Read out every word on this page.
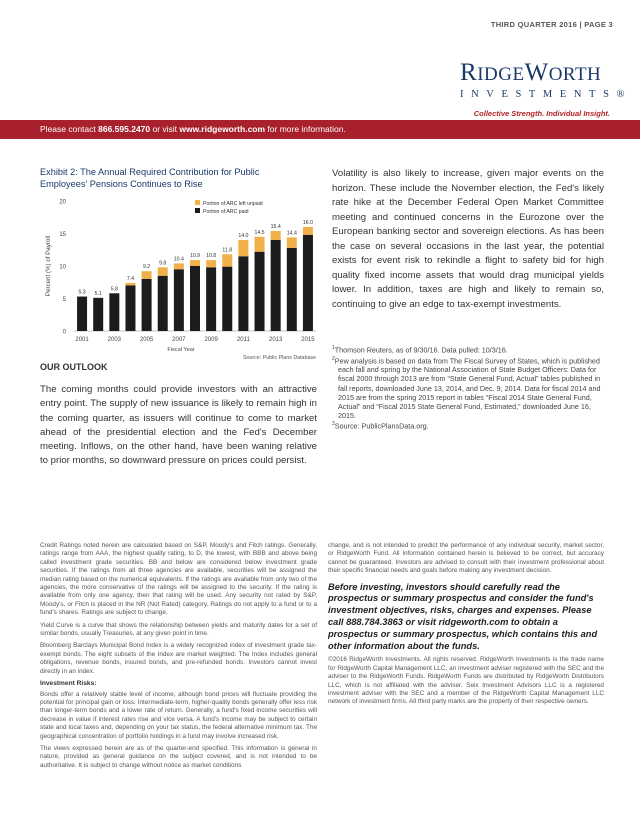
THIRD QUARTER 2016 | PAGE 3
RIDGEWORTH
INVESTMENTS®
Collective Strength. Individual Insight.
Please contact 866.595.2470 or visit www.ridgeworth.com for more information.
Exhibit 2: The Annual Required Contribution for Public Employees' Pensions Continues to Rise
0
5
10
15
20
Percent (%) of Payroll	5.3 5.1
5.8
7.4
9.2
9.8
10.4
10.9 10.8
11.8
14.0
14.5
15.4
14.4
16.0
2001	2003	2005	2007	2009	2011	2013	2015
Fiscal Year
Source: Public Plans Database
Portion of ARC left unpaid
Portion of ARC paid
OUR OUTLOOK
The coming months could provide investors with an attractive entry point. The supply of new issuance is likely to remain high in the coming quarter, as issuers will continue to come to market ahead of the presidential election and the Fed's December meeting. Inflows, on the other hand, have been waning relative to prior months, so downward pressure on prices could persist.
Volatility is also likely to increase, given major events on the horizon. These include the November election, the Fed's likely rate hike at the December Federal Open Market Committee meeting and continued concerns in the Eurozone over the European banking sector and sovereign elections. As has been the case on several occasions in the last year, the potential exists for event risk to rekindle a flight to safety bid for high quality fixed income assets that would drag municipal yields lower. In addition, taxes are high and likely to remain so, continuing to give an edge to tax-exempt investments.
$^1$Thomson Reuters, as of 9/30/16. Data pulled: 10/3/16.
$^2$Pew analysis is based on data from The Fiscal Survey of States, which is published each fall and spring by the National Association of State Budget Officers: Data for fiscal 2000 through 2013 are from “State General Fund, Actual” tables published in fall reports, downloaded June 13, 2014, and Dec. 9, 2014. Data for fiscal 2014 and 2015 are from the spring 2015 report in tables “Fiscal 2014 State General Fund, Actual” and “Fiscal 2015 State General Fund, Estimated,” downloaded June 16, 2015.
$^3$Source: PublicPlansData.org.

Credit Ratings noted herein are calculated based on S&P, Moody's and Fitch ratings. Generally, ratings range from AAA, the highest quality rating, to D, the lowest, with BBB and above being called investment grade securities. BB and below are considered below investment grade securities. If the ratings from all three agencies are available, securities will be assigned the median rating based on the numerical equivalents. If the ratings are available from only two of the agencies, the more conservative of the ratings will be assigned to the security. If the rating is available from only one agency, then that rating will be used. Any security not rated by S&P, Moody's, or Fitch is placed in the NR (Not Rated) category. Ratings do not apply to a fund or to a fund's shares. Ratings are subject to change.

Yield Curve is a curve that shows the relationship between yields and maturity dates for a set of similar bonds, usually Treasuries, at any given point in time.

Bloomberg Barclays Municipal Bond Index is a widely recognized index of investment grade tax-exempt bonds. The eight subsets of the Index are market weighted. The Index includes general obligations, revenue bonds, insured bonds, and pre-refunded bonds. Investors cannot invest directly in an index.

Investment Risks:

Bonds offer a relatively stable level of income, although bond prices will fluctuate providing the potential for principal gain or loss. Intermediate-term, higher-quality bonds generally offer less risk than longer-term bonds and a lower rate of return. Generally, a fund's fixed income securities will decrease in value if interest rates rise and vice versa. A fund's income may be subject to certain state and local taxes and, depending on your tax status, the federal alternative minimum tax. The geographical concentration of portfolio holdings in a fund may involve increased risk.

The views expressed herein are as of the quarter-end specified. This information is general in nature, provided as general guidance on the subject covered, and is not intended to be authoritative. It is subject to change without notice as market conditions

change, and is not intended to predict the performance of any individual security, market sector, or RidgeWorth Fund. All information contained herein is believed to be correct, but accuracy cannot be guaranteed. Investors are advised to consult with their investment professional about their specific financial needs and goals before making any investment decision.

Before investing, investors should carefully read the prospectus or summary prospectus and consider the fund's investment objectives, risks, charges and expenses. Please call 888.784.3863 or visit ridgeworth.com to obtain a prospectus or summary prospectus, which contains this and other information about the funds.

©2016 RidgeWorth Investments. All rights reserved. RidgeWorth Investments is the trade name for RidgeWorth Capital Management LLC, an investment adviser registered with the SEC and the adviser to the RidgeWorth Funds. RidgeWorth Funds are distributed by RidgeWorth Distributors LLC, which is not affiliated with the adviser. Seix Investment Advisors LLC is a registered investment adviser with the SEC and a member of the RidgeWorth Capital Management LLC network of investment firms. All third party marks are the property of their respective owners.
